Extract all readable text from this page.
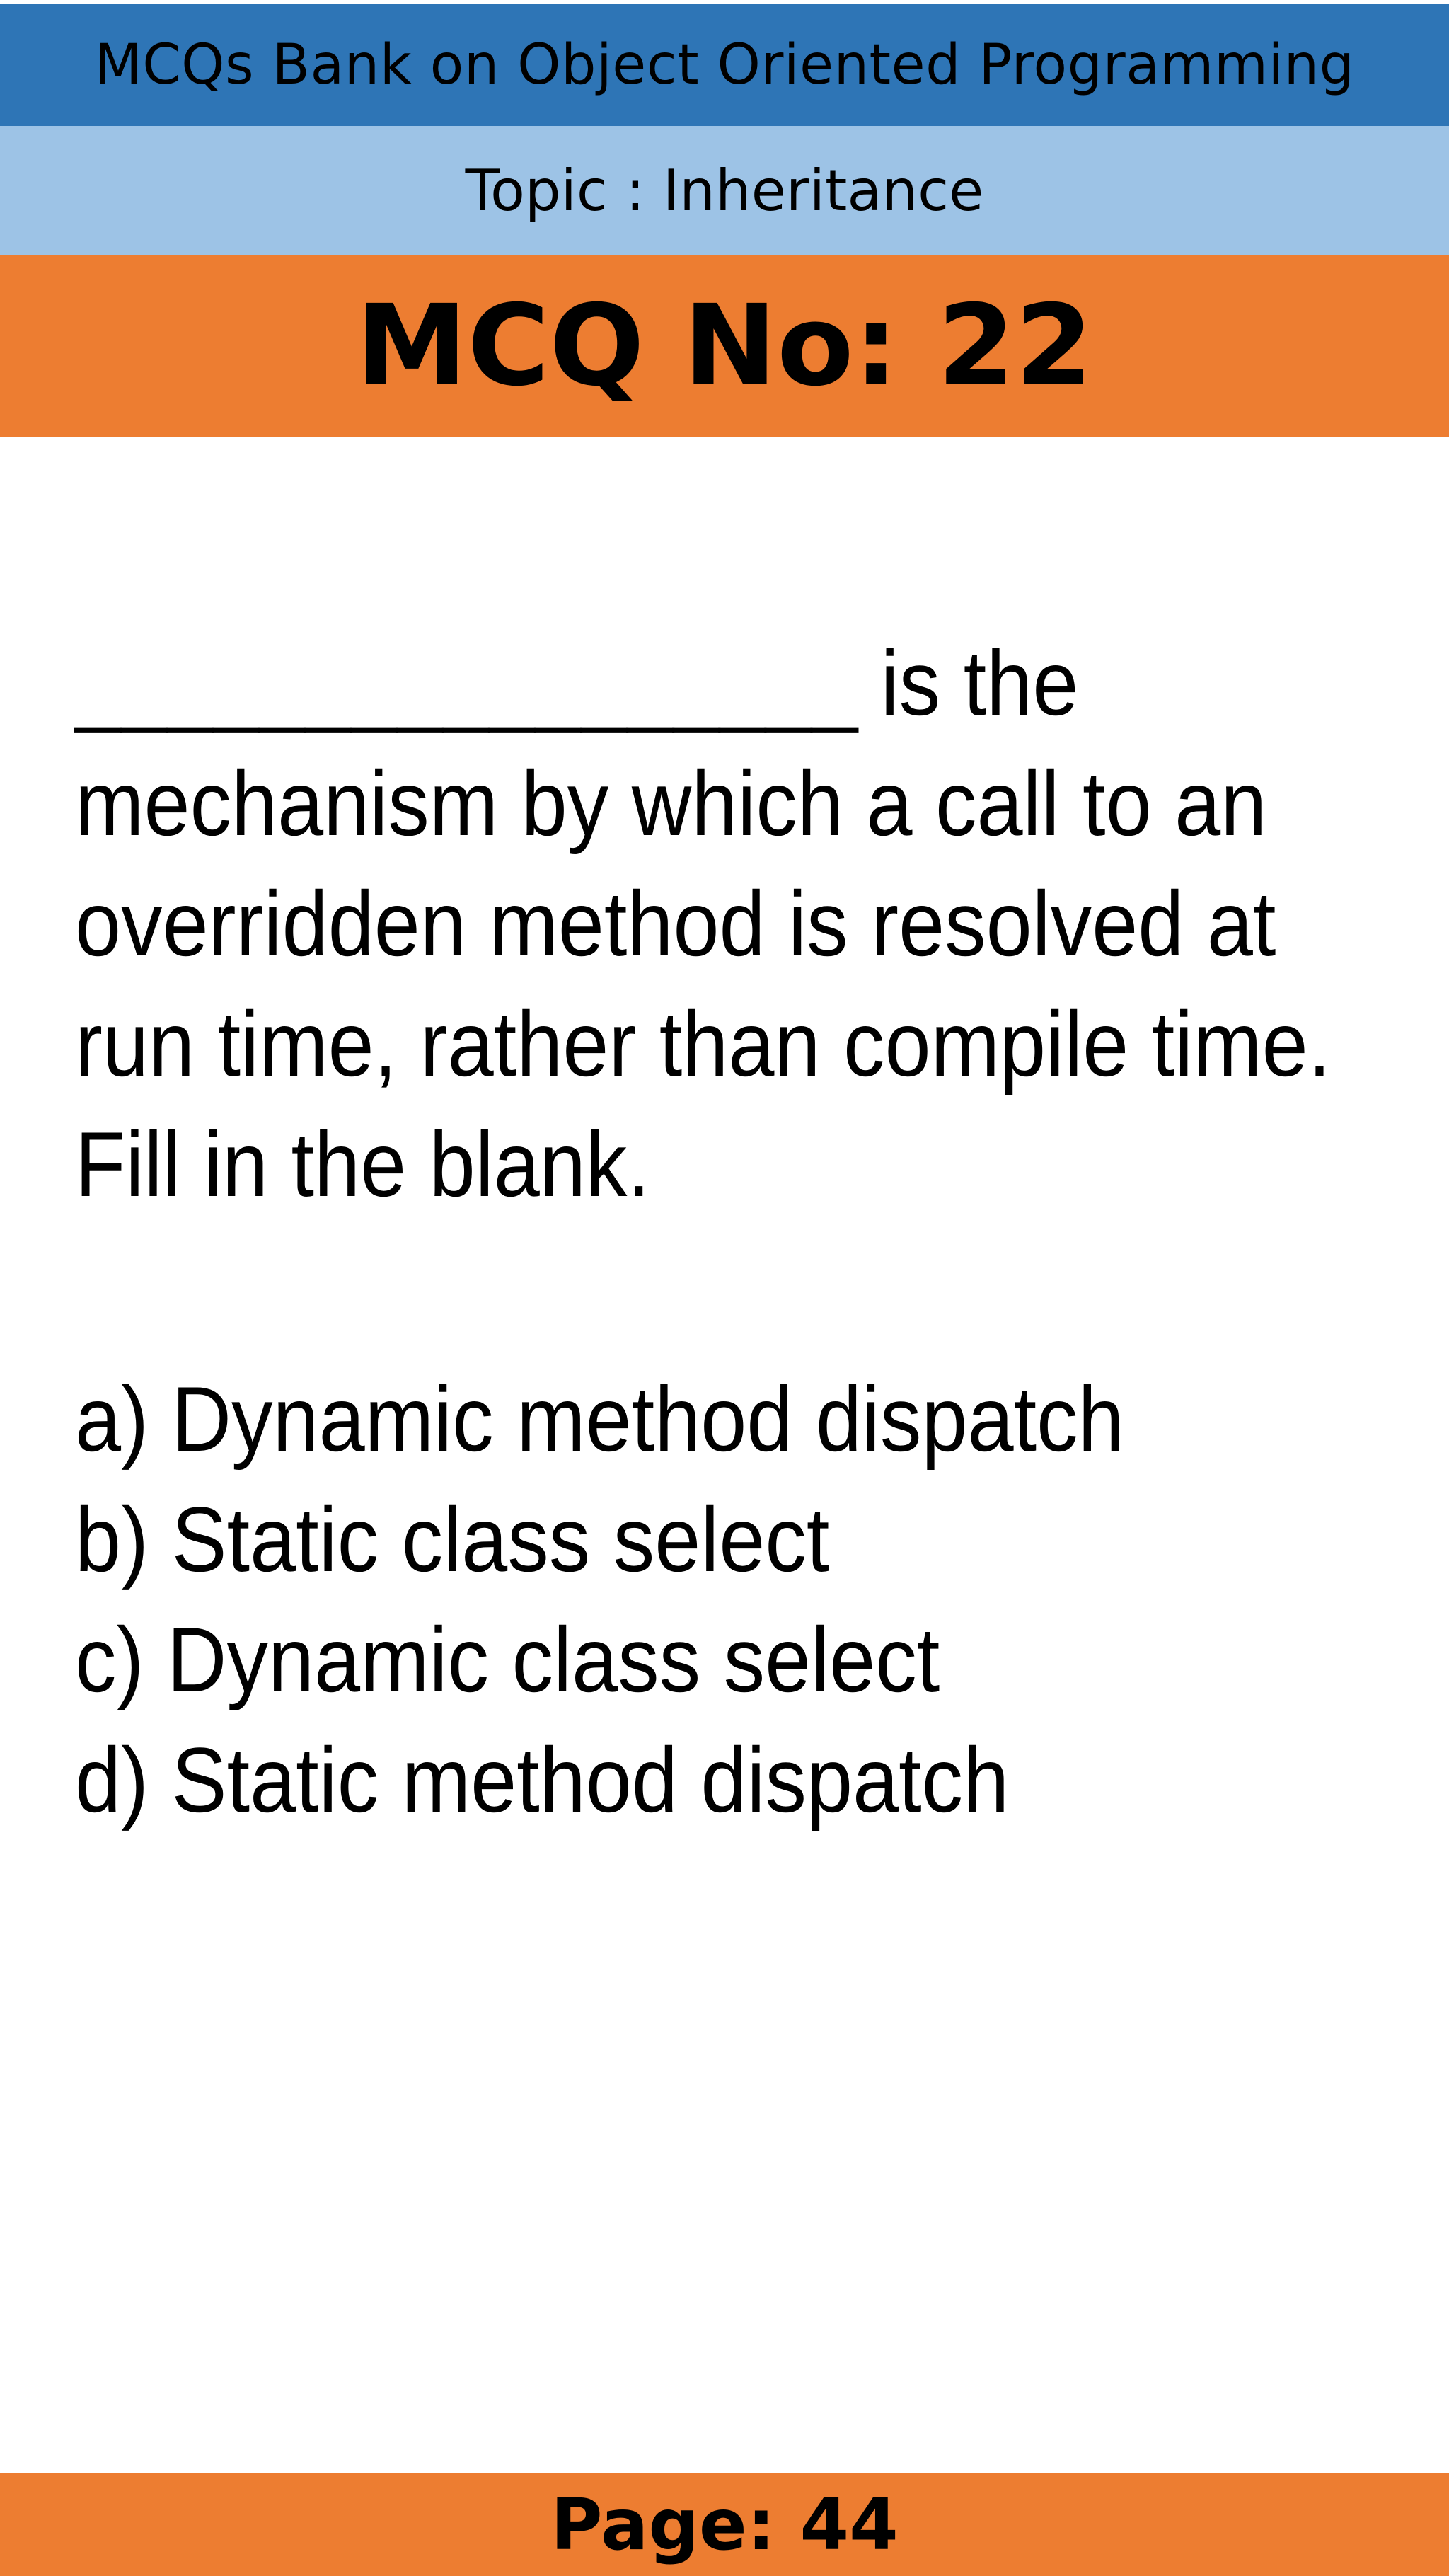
MCQs Bank on Object Oriented Programming
Topic : Inheritance
MCQ No: 22
_________________ is the mechanism by which a call to an overridden method is resolved at run time, rather than compile time. Fill in the blank.
a) Dynamic method dispatch
b) Static class select
c) Dynamic class select
d) Static method dispatch
Page: 44
